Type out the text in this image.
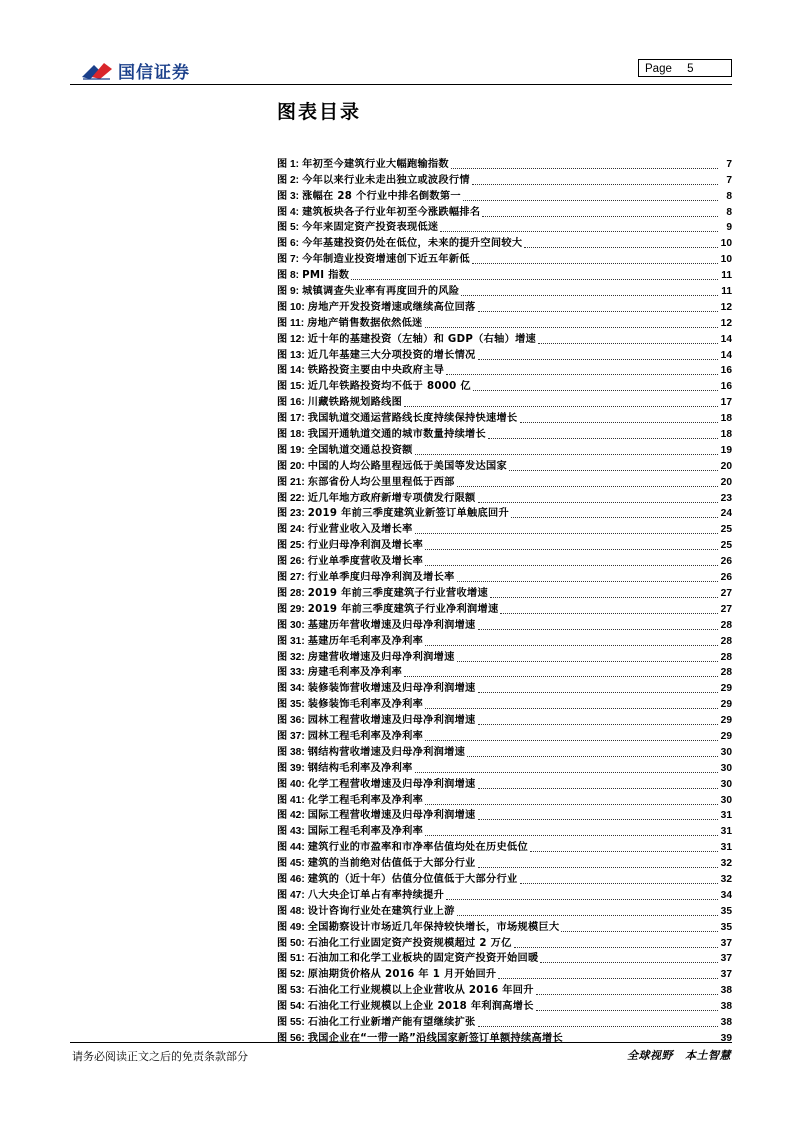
国信证券	Page 5
图表目录
图 1: 年初至今建筑行业大幅跑输指数	7
图 2: 今年以来行业未走出独立或波段行情	7
图 3: 涨幅在 28 个行业中排名倒数第一	8
图 4: 建筑板块各子行业年初至今涨跌幅排名	8
图 5: 今年来固定资产投资表现低迷	9
图 6: 今年基建投资仍处在低位，未来的提升空间较大	10
图 7: 今年制造业投资增速创下近五年新低	10
图 8: PMI 指数	11
图 9: 城镇调查失业率有再度回升的风险	11
图 10: 房地产开发投资增速或继续高位回落	12
图 11: 房地产销售数据依然低迷	12
图 12: 近十年的基建投资（左轴）和 GDP（右轴）增速	14
图 13: 近几年基建三大分项投资的增长情况	14
图 14: 铁路投资主要由中央政府主导	16
图 15: 近几年铁路投资均不低于 8000 亿	16
图 16: 川藏铁路规划路线图	17
图 17: 我国轨道交通运营路线长度持续保持快速增长	18
图 18: 我国开通轨道交通的城市数量持续增长	18
图 19: 全国轨道交通总投资额	19
图 20: 中国的人均公路里程远低于美国等发达国家	20
图 21: 东部省份人均公里里程低于西部	20
图 22: 近几年地方政府新增专项债发行限额	23
图 23: 2019 年前三季度建筑业新签订单触底回升	24
图 24: 行业营业收入及增长率	25
图 25: 行业归母净利润及增长率	25
图 26: 行业单季度营收及增长率	26
图 27: 行业单季度归母净利润及增长率	26
图 28: 2019 年前三季度建筑子行业营收增速	27
图 29: 2019 年前三季度建筑子行业净利润增速	27
图 30: 基建历年营收增速及归母净利润增速	28
图 31: 基建历年毛利率及净利率	28
图 32: 房建营收增速及归母净利润增速	28
图 33: 房建毛利率及净利率	28
图 34: 装修装饰营收增速及归母净利润增速	29
图 35: 装修装饰毛利率及净利率	29
图 36: 园林工程营收增速及归母净利润增速	29
图 37: 园林工程毛利率及净利率	29
图 38: 钢结构营收增速及归母净利润增速	30
图 39: 钢结构毛利率及净利率	30
图 40: 化学工程营收增速及归母净利润增速	30
图 41: 化学工程毛利率及净利率	30
图 42: 国际工程营收增速及归母净利润增速	31
图 43: 国际工程毛利率及净利率	31
图 44: 建筑行业的市盈率和市净率估值均处在历史低位	31
图 45: 建筑的当前绝对估值低于大部分行业	32
图 46: 建筑的（近十年）估值分位值低于大部分行业	32
图 47: 八大央企订单占有率持续提升	34
图 48: 设计咨询行业处在建筑行业上游	35
图 49: 全国勘察设计市场近几年保持较快增长，市场规模巨大	35
图 50: 石油化工行业固定资产投资规模超过 2 万亿	37
图 51: 石油加工和化学工业板块的固定资产投资开始回暖	37
图 52: 原油期货价格从 2016 年 1 月开始回升	37
图 53: 石油化工行业规模以上企业营收从 2016 年回升	38
图 54: 石油化工行业规模以上企业 2018 年利润高增长	38
图 55: 石油化工行业新增产能有望继续扩张	38
图 56: 我国企业在“一带一路”沿线国家新签订单额持续高增长	39
请务必阅读正文之后的免责条款部分	全球视野 本土智慧
